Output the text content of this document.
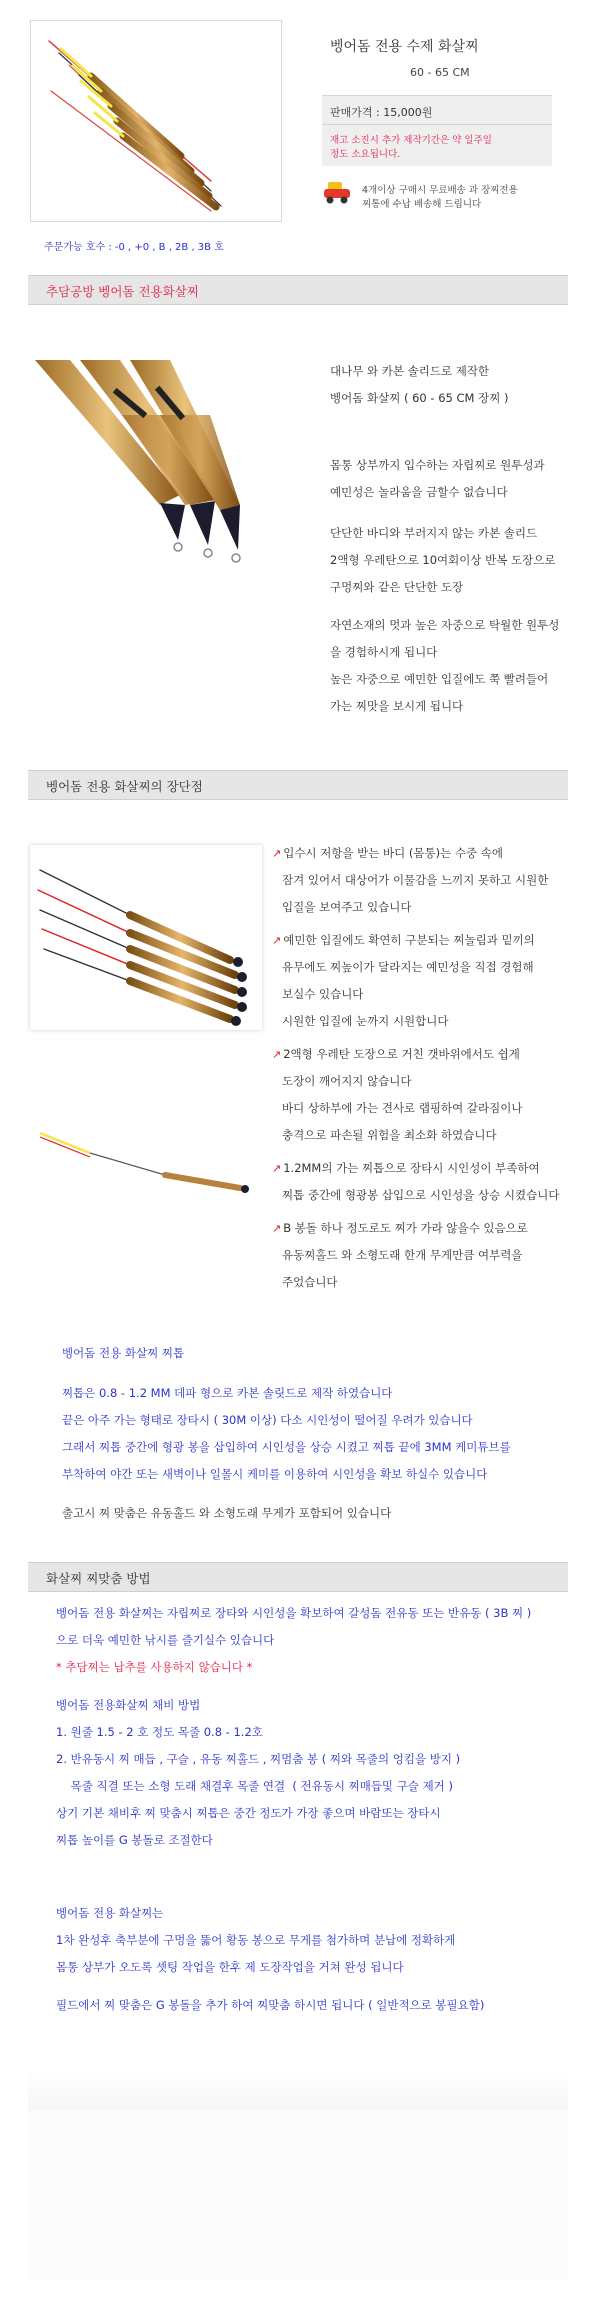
벵어돔 전용 수제 화살찌
60 - 65 CM
판매가격 : 15,000원
재고 소진시 추가 제작기간은 약 일주일
정도 소요됩니다.
4개이상 구매시 무료배송 과 장찌전용
찌통에 수납 배송해 드립니다
주문가능 호수 : -0 , +0 , B , 2B , 3B 호
추담공방 벵어돔 전용화살찌
대나무 와 카본 솔리드로 제작한
벵어돔 화살찌 ( 60 - 65 CM 장찌 )
몸통 상부까지 입수하는 자립찌로 원투성과
예민성은 놀라움을 금할수 없습니다
단단한 바디와 부러지지 않는 카본 솔리드
2액형 우레탄으로 10여회이상 반복 도장으로
구멍찌와 같은 단단한 도장
자연소재의 멋과 높은 자중으로 탁월한 원투성
을 경험하시게 됩니다
높은 자중으로 예민한 입질에도 쭉 빨려들어
가는 찌맛을 보시게 됩니다
벵어돔 전용 화살찌의 장단점
↗ 입수시 저항을 받는 바디 (몸통)는 수중 속에
잠겨 있어서 대상어가 이물감을 느끼지 못하고 시원한
입질을 보여주고 있습니다
↗ 예민한 입질에도 확연히 구분되는 찌놀림과 밑끼의
유무에도 찌높이가 달라지는 예민성을 직접 경험해
보실수 있습니다
시원한 입질에 눈까지 시원합니다
↗ 2액형 우레탄 도장으로 거친 갯바위에서도 쉽게
도장이 깨어지지 않습니다
바디 상하부에 가는 견사로 랩핑하여 갈라짐이나
충격으로 파손될 위험을 최소화 하였습니다
↗ 1.2MM의 가는 찌톱으로 장타시 시인성이 부족하여
찌톱 중간에 형광봉 삽입으로 시인성을 상승 시켰습니다
↗ B 봉돌 하나 정도로도 찌가 가라 않을수 있음으로
유동찌홀드 와 소형도래 한개 무게만큼 여부력을
주었습니다
벵어돔 전용 화살찌 찌톱
찌톱은 0.8 - 1.2 MM 데파 형으로 카본 솔릿드로 제작 하였습니다
끝은 아주 가는 형태로 장타시 ( 30M 이상) 다소 시인성이 떨어질 우려가 있습니다
그래서 찌톱 중간에 형광 봉을 삽입하여 시인성을 상승 시켰고 찌톱 끝에 3MM 케미튜브를
부착하여 야간 또는 새벽이나 일몰시 케미를 이용하여 시인성을 확보 하실수 있습니다
출고시 찌 맞춤은 유동홀드 와 소형도래 무게가 포함되어 있습니다
화살찌 찌맞춤 방법
벵어돔 전용 화살찌는 자립찌로 장타와 시인성을 확보하여 갈성돔 전유동 또는 반유동 ( 3B 찌 )
으로 더욱 예민한 낚시를 즐기실수 있습니다
* 추담찌는 납추를 사용하지 않습니다 *
벵어돔 전용화살찌 채비 방법
1. 원줄 1.5 - 2 호 정도 목줄 0.8 - 1.2호
2. 반유동시 찌 매듭 , 구슬 , 유동 찌홀드 , 찌멈춤 봉 ( 찌와 목줄의 엉킴을 방지 )
목줄 직결 또는 소형 도래 채결후 목줄 연결  ( 전유동시 찌매듭및 구슬 제거 )
상기 기본 채비후 찌 맞춤시 찌톱은 중간 정도가 가장 좋으며 바람또는 장타시
찌톱 높이를 G 봉돌로 조절한다
벵어돔 전용 화살찌는
1차 완성후 축부분에 구멍을 뚫어 황동 봉으로 무게를 첨가하며 분납에 정확하게
몸통 상부가 오도록 셋팅 작업을 한후 제 도장작업을 거쳐 완성 됩니다
필드에서 찌 맞춤은 G 봉돌을 추가 하여 찌맞춤 하시면 됩니다 ( 일반적으로 봉필요함)
